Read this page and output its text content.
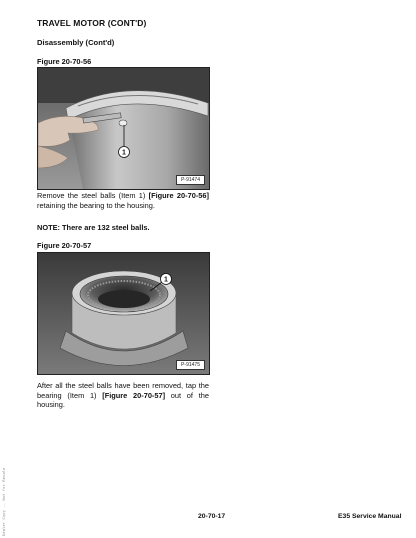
TRAVEL MOTOR (CONT'D)
Disassembly (Cont'd)
Figure 20-70-56
1
P-91474

Remove the steel balls (Item 1) [Figure 20-70-56] retaining the bearing to the housing.

NOTE: There are 132 steel balls.
Figure 20-70-57
1
P-91475

After all the steel balls have been removed, tap the bearing (Item 1) [Figure 20-70-57] out of the housing.

20-70-17	E35 Service Manual
Dealer Copy -- Not for Resale
